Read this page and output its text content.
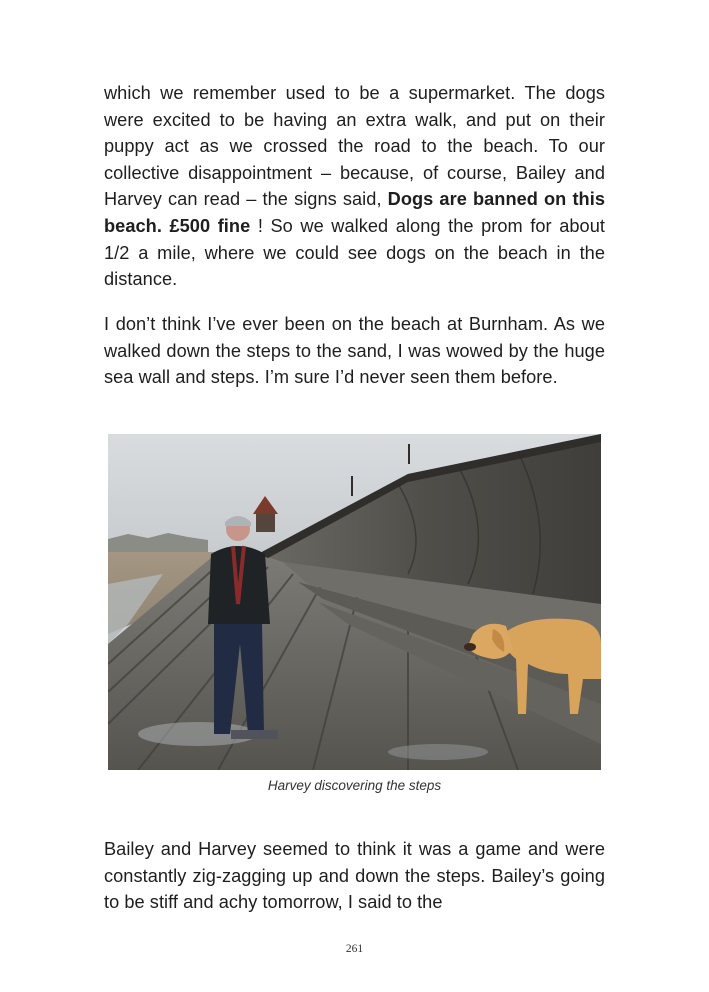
which we remember used to be a supermarket. The dogs were excited to be having an extra walk, and put on their puppy act as we crossed the road to the beach. To our collective disappointment – because, of course, Bailey and Harvey can read – the signs said, Dogs are banned on this beach. £500 fine ! So we walked along the prom for about 1/2 a mile, where we could see dogs on the beach in the distance.

I don’t think I’ve ever been on the beach at Burnham. As we walked down the steps to the sand, I was wowed by the huge sea wall and steps. I’m sure I’d never seen them before.

Harvey discovering the steps

Bailey and Harvey seemed to think it was a game and were constantly zig-zagging up and down the steps. Bailey’s going to be stiff and achy tomorrow, I said to the

261
